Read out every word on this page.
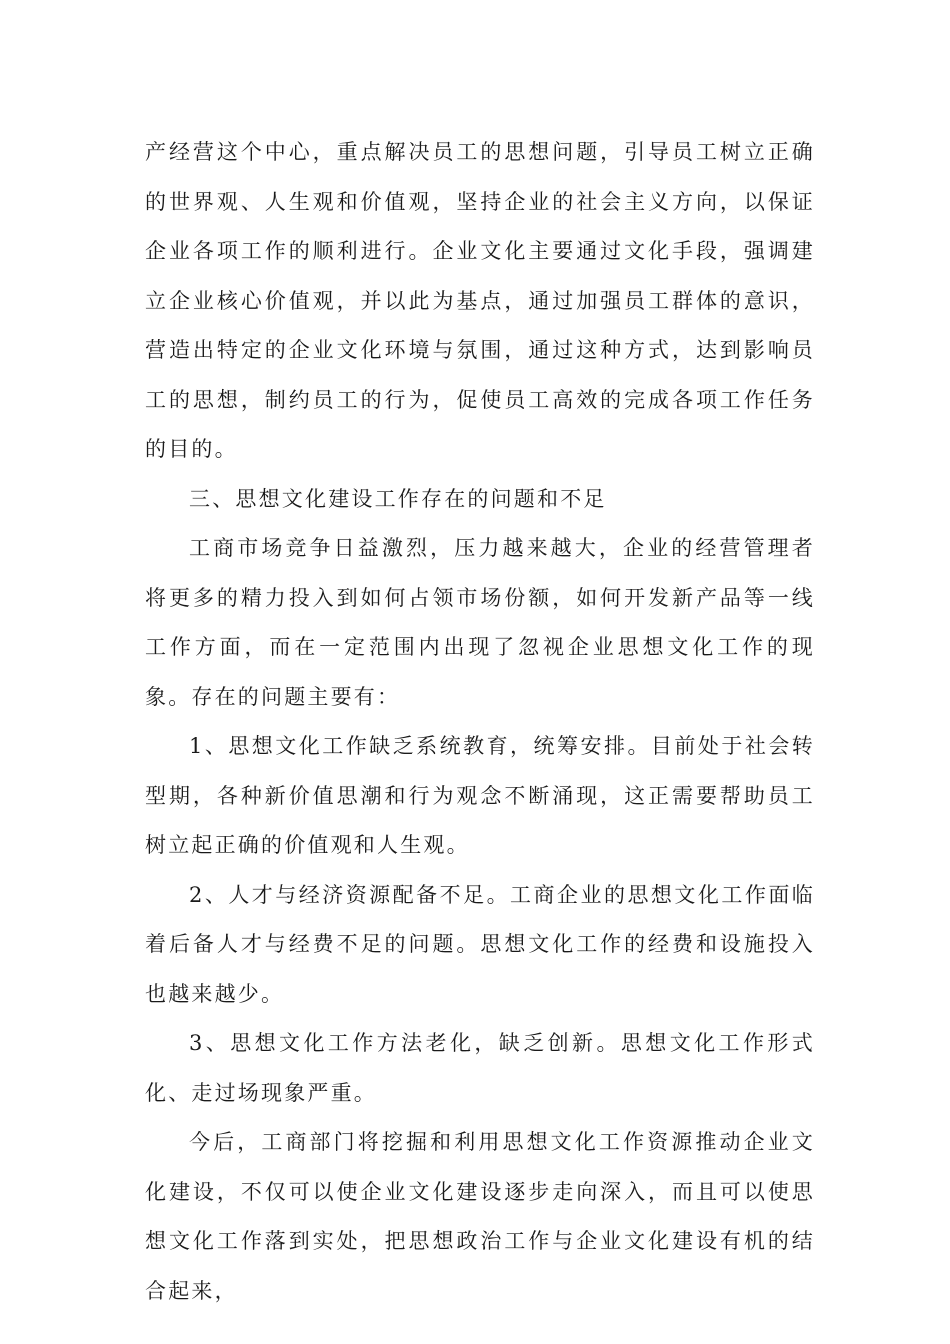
产经营这个中心，重点解决员工的思想问题，引导员工树立正确的世界观、人生观和价值观，坚持企业的社会主义方向，以保证企业各项工作的顺利进行。企业文化主要通过文化手段，强调建立企业核心价值观，并以此为基点，通过加强员工群体的意识，营造出特定的企业文化环境与氛围，通过这种方式，达到影响员工的思想，制约员工的行为，促使员工高效的完成各项工作任务的目的。

三、思想文化建设工作存在的问题和不足

工商市场竞争日益激烈，压力越来越大，企业的经营管理者将更多的精力投入到如何占领市场份额，如何开发新产品等一线工作方面，而在一定范围内出现了忽视企业思想文化工作的现象。存在的问题主要有：

1、思想文化工作缺乏系统教育，统筹安排。目前处于社会转型期，各种新价值思潮和行为观念不断涌现，这正需要帮助员工树立起正确的价值观和人生观。

2、人才与经济资源配备不足。工商企业的思想文化工作面临着后备人才与经费不足的问题。思想文化工作的经费和设施投入也越来越少。

3、思想文化工作方法老化，缺乏创新。思想文化工作形式化、走过场现象严重。

今后，工商部门将挖掘和利用思想文化工作资源推动企业文化建设，不仅可以使企业文化建设逐步走向深入，而且可以使思想文化工作落到实处，把思想政治工作与企业文化建设有机的结合起来，
